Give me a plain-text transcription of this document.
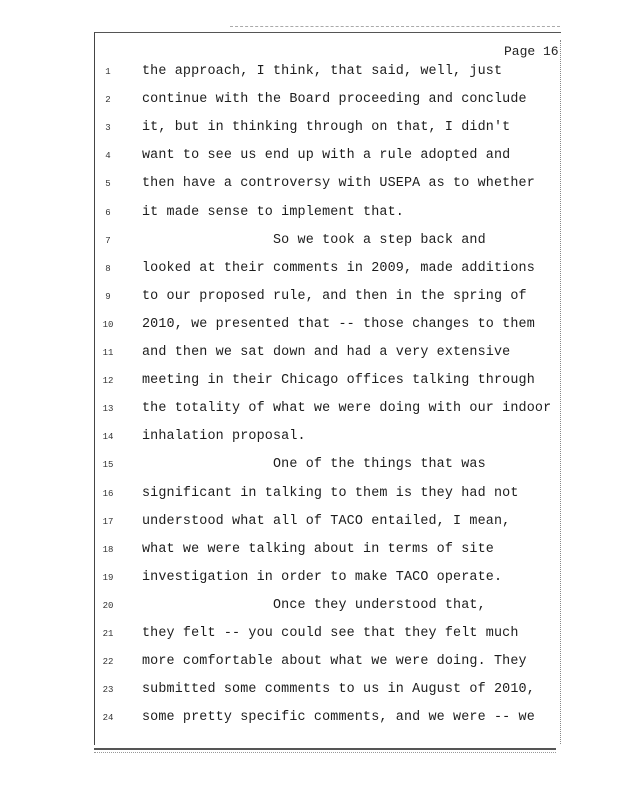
Page 16
1	the approach, I think, that said, well, just
2	continue with the Board proceeding and conclude
3	it, but in thinking through on that, I didn't
4	want to see us end up with a rule adopted and
5	then have a controversy with USEPA as to whether
6	it made sense to implement that.
7	So we took a step back and
8	looked at their comments in 2009, made additions
9	to our proposed rule, and then in the spring of
10	2010, we presented that -- those changes to them
11	and then we sat down and had a very extensive
12	meeting in their Chicago offices talking through
13	the totality of what we were doing with our indoor
14	inhalation proposal.
15	One of the things that was
16	significant in talking to them is they had not
17	understood what all of TACO entailed, I mean,
18	what we were talking about in terms of site
19	investigation in order to make TACO operate.
20	Once they understood that,
21	they felt -- you could see that they felt much
22	more comfortable about what we were doing. They
23	submitted some comments to us in August of 2010,
24	some pretty specific comments, and we were -- we
